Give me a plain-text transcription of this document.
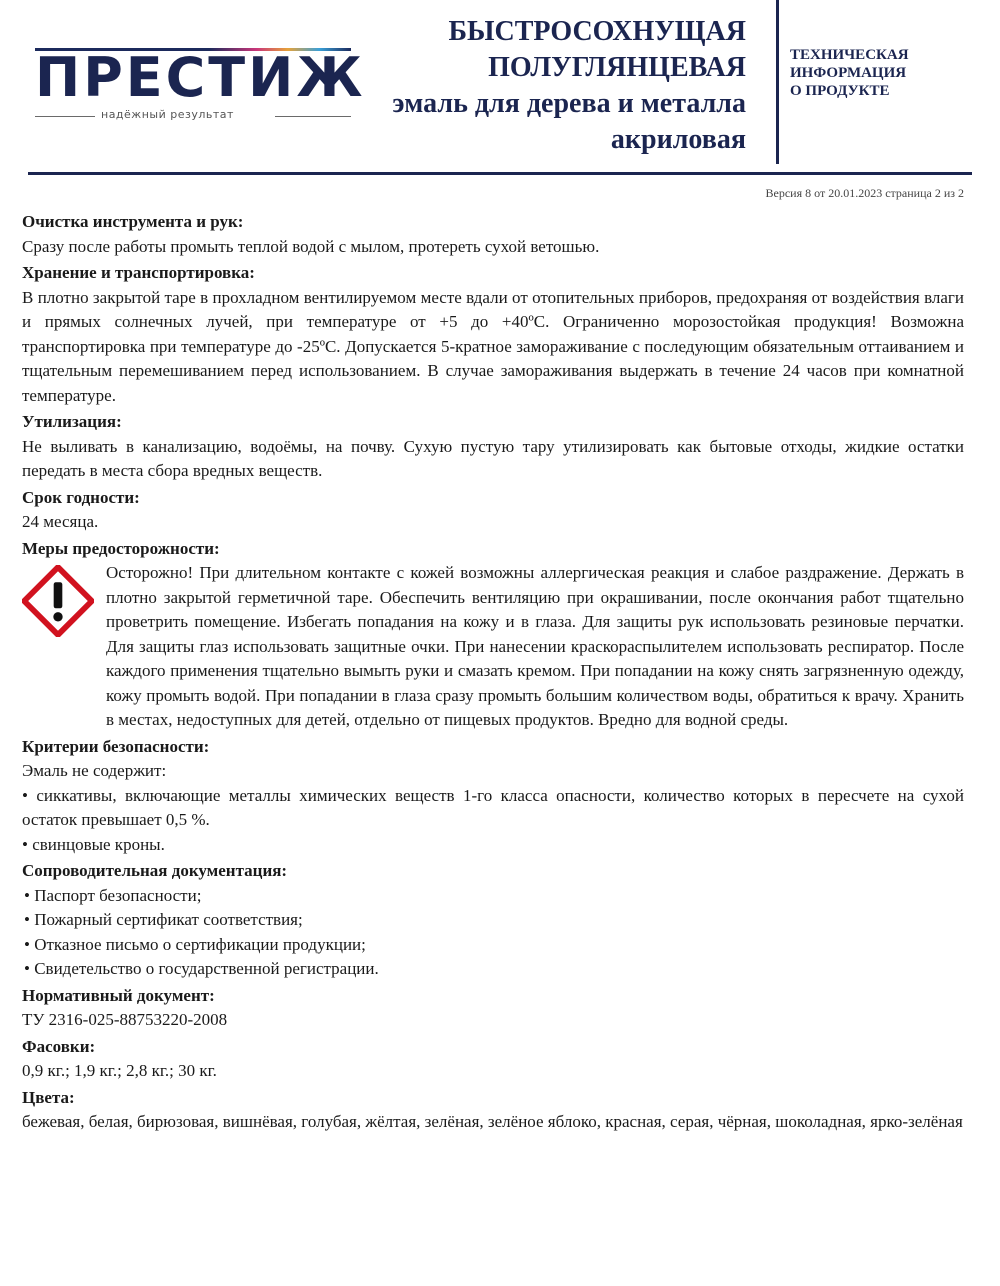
ПРЕСТИЖ
надёжный результат
БЫСТРОСОХНУЩАЯ
ПОЛУГЛЯНЦЕВАЯ
эмаль для дерева и металла
акриловая
ТЕХНИЧЕСКАЯ
ИНФОРМАЦИЯ
О ПРОДУКТЕ
Версия 8 от 20.01.2023 страница 2 из 2
Очистка инструмента и рук:
Сразу после работы промыть теплой водой с мылом, протереть сухой ветошью.
Хранение и транспортировка:
В плотно закрытой таре в прохладном вентилируемом месте вдали от отопительных приборов, предохраняя от воздействия влаги и прямых солнечных лучей, при температуре от +5 до +40ºС. Ограниченно морозостойкая продукция! Возможна транспортировка при температуре до -25ºС. Допускается 5-кратное замораживание с последующим обязательным оттаиванием и тщательным перемешиванием перед использованием. В случае замораживания выдержать в течение 24 часов при комнатной температуре.
Утилизация:
Не выливать в канализацию, водоёмы, на почву. Сухую пустую тару утилизировать как бытовые отходы, жидкие остатки передать в места сбора вредных веществ.
Срок годности:
24 месяца.
Меры предосторожности:
Осторожно! При длительном контакте с кожей возможны аллергическая реакция и слабое раздражение. Держать в плотно закрытой герметичной таре. Обеспечить вентиляцию при окрашивании, после окончания работ тщательно проветрить помещение. Избегать попадания на кожу и в глаза. Для защиты рук использовать резиновые перчатки. Для защиты глаз использовать защитные очки. При нанесении краскораспылителем использовать респиратор. После каждого применения тщательно вымыть руки и смазать кремом. При попадании на кожу снять загрязненную одежду, кожу промыть водой. При попадании в глаза сразу промыть большим количеством воды, обратиться к врачу. Хранить в местах, недоступных для детей, отдельно от пищевых продуктов. Вредно для водной среды.
Критерии безопасности:
Эмаль не содержит:
• сиккативы, включающие металлы химических веществ 1-го класса опасности, количество которых в пересчете на сухой остаток превышает 0,5 %.
• свинцовые кроны.
Сопроводительная документация:
• Паспорт безопасности;
• Пожарный сертификат соответствия;
• Отказное письмо о сертификации продукции;
• Свидетельство о государственной регистрации.
Нормативный документ:
ТУ 2316-025-88753220-2008
Фасовки:
0,9 кг.; 1,9 кг.; 2,8 кг.; 30 кг.
Цвета:
бежевая, белая, бирюзовая, вишнёвая, голубая, жёлтая, зелёная, зелёное яблоко, красная, серая, чёрная, шоколадная, ярко-зелёная
